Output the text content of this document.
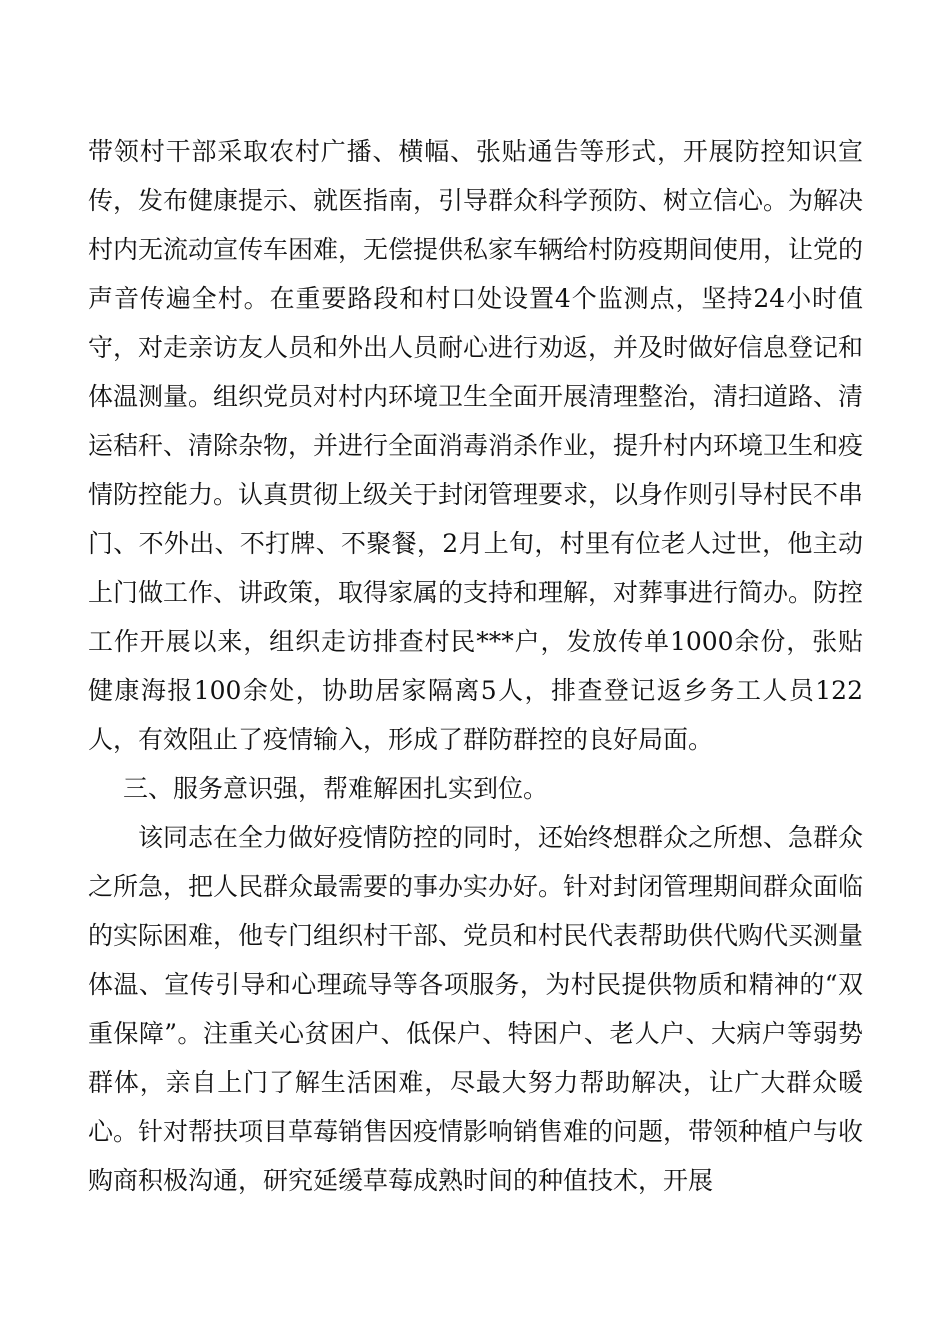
带领村干部采取农村广播、横幅、张贴通告等形式，开展防控知识宣传，发布健康提示、就医指南，引导群众科学预防、树立信心。为解决村内无流动宣传车困难，无偿提供私家车辆给村防疫期间使用，让党的声音传遍全村。在重要路段和村口处设置4个监测点，坚持24小时值守，对走亲访友人员和外出人员耐心进行劝返，并及时做好信息登记和体温测量。组织党员对村内环境卫生全面开展清理整治，清扫道路、清运秸秆、清除杂物，并进行全面消毒消杀作业，提升村内环境卫生和疫情防控能力。认真贯彻上级关于封闭管理要求，以身作则引导村民不串门、不外出、不打牌、不聚餐，2月上旬，村里有位老人过世，他主动上门做工作、讲政策，取得家属的支持和理解，对葬事进行简办。防控工作开展以来，组织走访排查村民***户，发放传单1000余份，张贴健康海报100余处，协助居家隔离5人，排查登记返乡务工人员122人，有效阻止了疫情输入，形成了群防群控的良好局面。

三、服务意识强，帮难解困扎实到位。

该同志在全力做好疫情防控的同时，还始终想群众之所想、急群众之所急，把人民群众最需要的事办实办好。针对封闭管理期间群众面临的实际困难，他专门组织村干部、党员和村民代表帮助供代购代买测量体温、宣传引导和心理疏导等各项服务，为村民提供物质和精神的“双重保障”。注重关心贫困户、低保户、特困户、老人户、大病户等弱势群体，亲自上门了解生活困难，尽最大努力帮助解决，让广大群众暖心。针对帮扶项目草莓销售因疫情影响销售难的问题，带领种植户与收购商积极沟通，研究延缓草莓成熟时间的种值技术，开展
